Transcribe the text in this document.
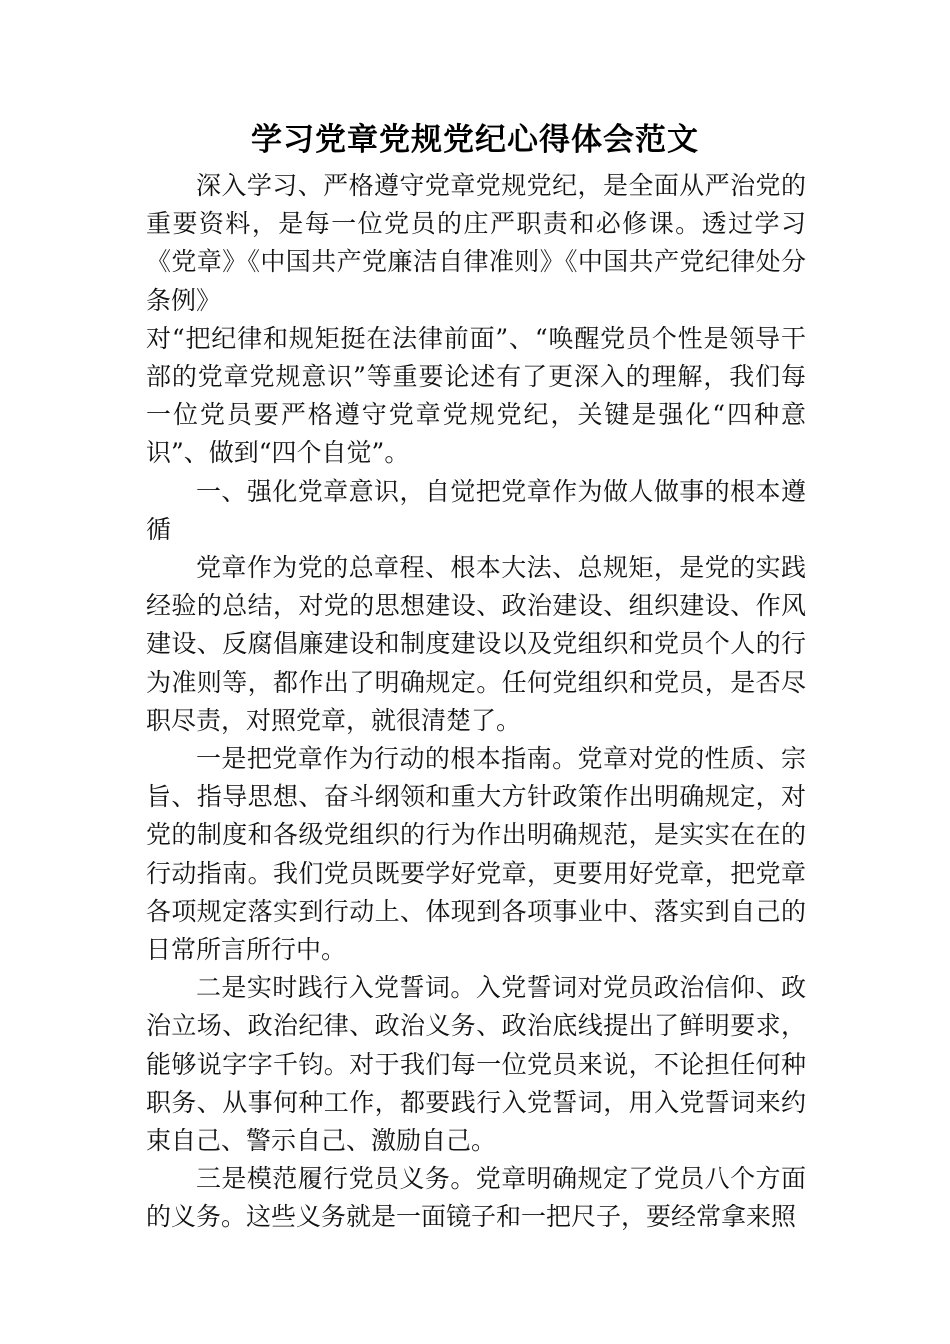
学习党章党规党纪心得体会范文

深入学习、严格遵守党章党规党纪，是全面从严治党的重要资料，是每一位党员的庄严职责和必修课。透过学习《党章》《中国共产党廉洁自律准则》《中国共产党纪律处分条例》

对“把纪律和规矩挺在法律前面”、“唤醒党员个性是领导干部的党章党规意识”等重要论述有了更深入的理解，我们每一位党员要严格遵守党章党规党纪，关键是强化“四种意识”、做到“四个自觉”。

一、强化党章意识，自觉把党章作为做人做事的根本遵循

党章作为党的总章程、根本大法、总规矩，是党的实践经验的总结，对党的思想建设、政治建设、组织建设、作风建设、反腐倡廉建设和制度建设以及党组织和党员个人的行为准则等，都作出了明确规定。任何党组织和党员，是否尽职尽责，对照党章，就很清楚了。

一是把党章作为行动的根本指南。党章对党的性质、宗旨、指导思想、奋斗纲领和重大方针政策作出明确规定，对党的制度和各级党组织的行为作出明确规范，是实实在在的行动指南。我们党员既要学好党章，更要用好党章，把党章各项规定落实到行动上、体现到各项事业中、落实到自己的日常所言所行中。

二是实时践行入党誓词。入党誓词对党员政治信仰、政治立场、政治纪律、政治义务、政治底线提出了鲜明要求，能够说字字千钧。对于我们每一位党员来说，不论担任何种职务、从事何种工作，都要践行入党誓词，用入党誓词来约束自己、警示自己、激励自己。

三是模范履行党员义务。党章明确规定了党员八个方面的义务。这些义务就是一面镜子和一把尺子，要经常拿来照
